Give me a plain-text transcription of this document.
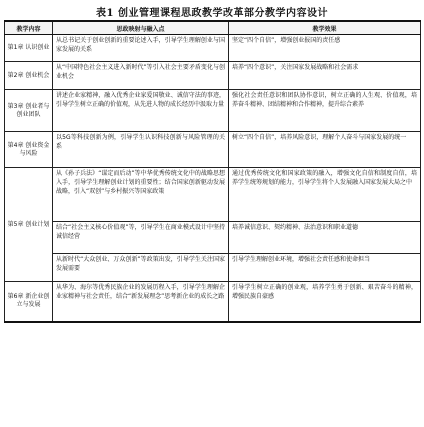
表1 创业管理课程思政教学改革部分教学内容设计
教学内容	思政映射与融入点	教学效果
第1章 认识创业	从总书记关于创业创新的重要论述入手，引导学生理解创业与国家发展的关系	坚定“四个自信”，增强创业报国的责任感

第2章 创业机会	从“中国特色社会主义进入新时代”等引入社会主要矛盾变化与创业机会	培养“四个意识”，关注国家发展战略和社会需求

第3章 创业者与创业团队	讲述企业家精神，融入优秀企业家爱国敬业、诚信守法的事迹，引导学生树立正确的价值观，从先进人物的成长经历中汲取力量	强化社会责任意识和团队协作意识，树立正确的人生观、价值观，培养奋斗精神、团结精神和合作精神，提升综合素养

第4章 创业资金与风险	以5G等科技创新为例，引导学生认识科技创新与风险管理的关系	树立“四个自信”，培养风险意识，理解个人奋斗与国家发展的统一

第5章 创业计划	从《孙子兵法》“谋定而后动”等中华优秀传统文化中的战略思想入手，引导学生理解创业计划的重要性；结合国家创新驱动发展战略，引入“双创”与乡村振兴等国家政策	通过优秀传统文化和国家政策的融入，增强文化自信和制度自信，培养学生统筹规划的能力，引导学生将个人发展融入国家发展大局之中

	结合“社会主义核心价值观”等，引导学生在商业模式设计中坚持诚信经营	培养诚信意识、契约精神、法治意识和职业道德

	从新时代“大众创业、万众创新”等政策出发，引导学生关注国家发展需要	引导学生理解创业环境，增强社会责任感和使命担当

第6章 新企业创立与发展	从华为、海尔等优秀民族企业的发展历程入手，引导学生理解企业家精神与社会责任，结合“新发展理念”思考新企业的成长之路	引导学生树立正确的创业观，培养学生勇于创新、艰苦奋斗的精神，增强民族自豪感
